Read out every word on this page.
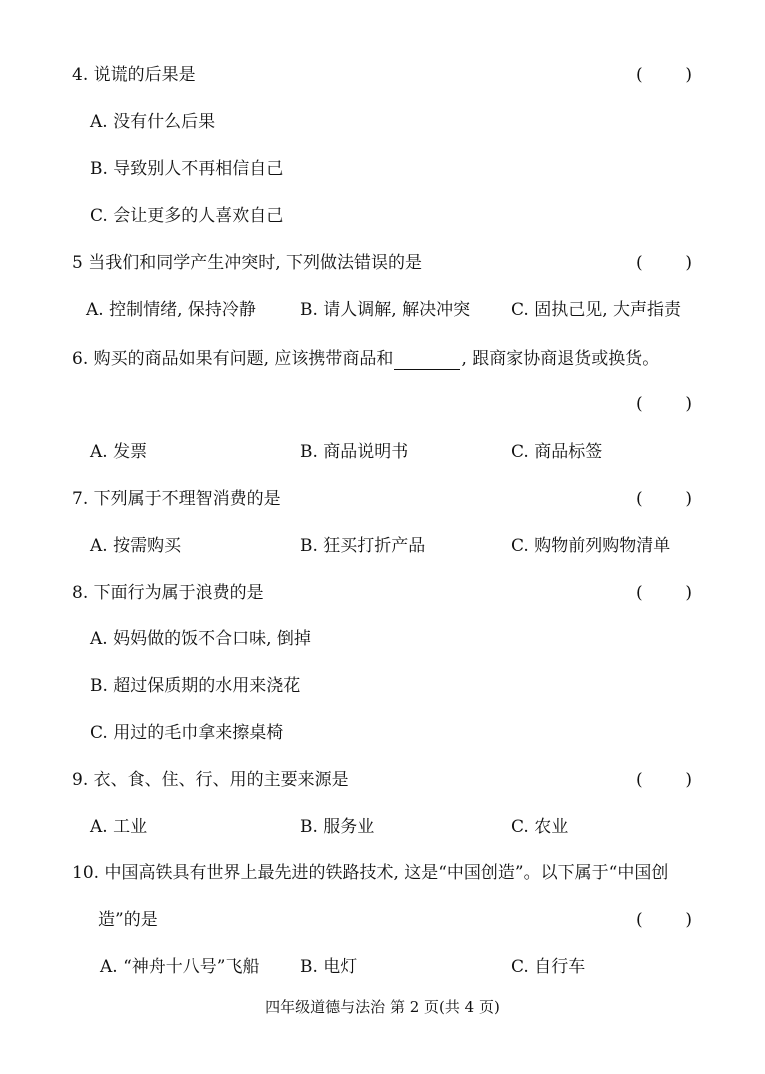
4. 说谎的后果是	(	)
A. 没有什么后果
B. 导致别人不再相信自己
C. 会让更多的人喜欢自己
5 当我们和同学产生冲突时, 下列做法错误的是	(	)
A. 控制情绪, 保持冷静	B. 请人调解, 解决冲突 C. 固执己见, 大声指责
6. 购买的商品如果有问题, 应该携带商品和	, 跟商家协商退货或换货。
(	)
A. 发票	B. 商品说明书	C. 商品标签
7. 下列属于不理智消费的是	(	)
A. 按需购买	B. 狂买打折产品	C. 购物前列购物清单
8. 下面行为属于浪费的是	(	)
A. 妈妈做的饭不合口味, 倒掉
B. 超过保质期的水用来浇花
C. 用过的毛巾拿来擦桌椅
9. 衣、食、住、行、用的主要来源是	(	)
A. 工业	B. 服务业	C. 农业
10. 中国高铁具有世界上最先进的铁路技术, 这是“中国创造”。以下属于“中国创
造”的是	(	)
A. “神舟十八号”飞船 B. 电灯	C. 自行车
四年级道德与法治 第 2 页(共 4 页)
